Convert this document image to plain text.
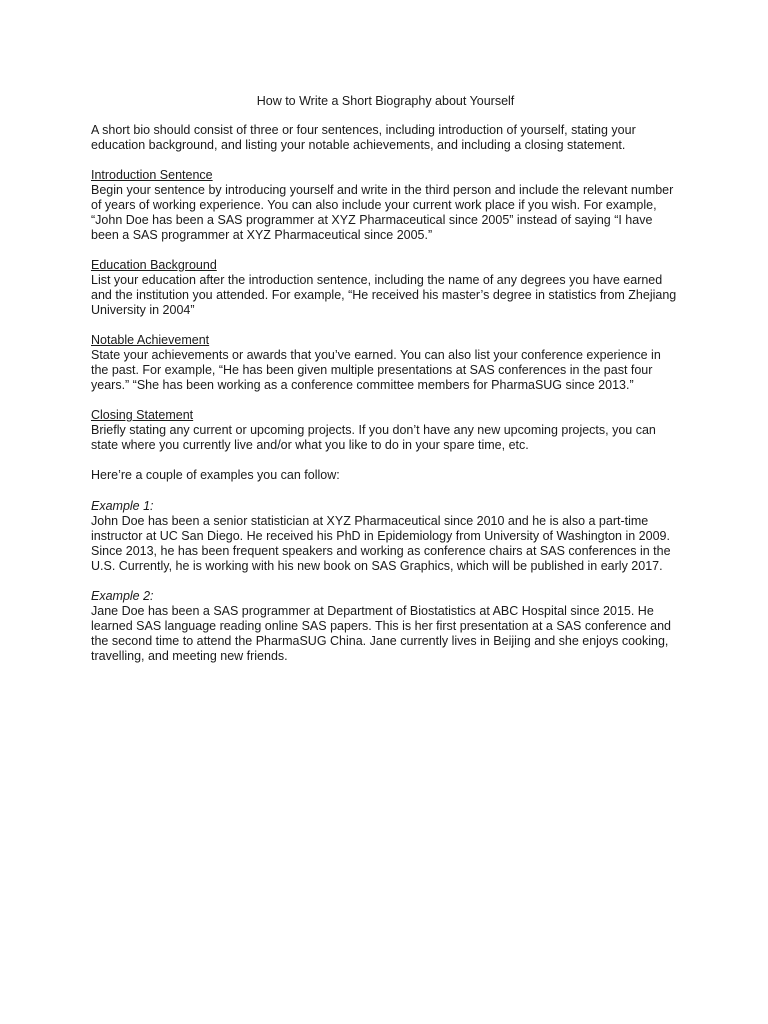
How to Write a Short Biography about Yourself

A short bio should consist of three or four sentences, including introduction of yourself, stating your education background, and listing your notable achievements, and including a closing statement.

Introduction Sentence

Begin your sentence by introducing yourself and write in the third person and include the relevant number of years of working experience. You can also include your current work place if you wish. For example, “John Doe has been a SAS programmer at XYZ Pharmaceutical since 2005” instead of saying “I have been a SAS programmer at XYZ Pharmaceutical since 2005.”

Education Background

List your education after the introduction sentence, including the name of any degrees you have earned and the institution you attended. For example, “He received his master’s degree in statistics from Zhejiang University in 2004”

Notable Achievement

State your achievements or awards that you’ve earned. You can also list your conference experience in the past. For example, “He has been given multiple presentations at SAS conferences in the past four years.” “She has been working as a conference committee members for PharmaSUG since 2013.”

Closing Statement

Briefly stating any current or upcoming projects. If you don’t have any new upcoming projects, you can state where you currently live and/or what you like to do in your spare time, etc.

Here’re a couple of examples you can follow:

Example 1:

John Doe has been a senior statistician at XYZ Pharmaceutical since 2010 and he is also a part-time instructor at UC San Diego. He received his PhD in Epidemiology from University of Washington in 2009. Since 2013, he has been frequent speakers and working as conference chairs at SAS conferences in the U.S. Currently, he is working with his new book on SAS Graphics, which will be published in early 2017.

Example 2:

Jane Doe has been a SAS programmer at Department of Biostatistics at ABC Hospital since 2015. He learned SAS language reading online SAS papers. This is her first presentation at a SAS conference and the second time to attend the PharmaSUG China. Jane currently lives in Beijing and she enjoys cooking, travelling, and meeting new friends.
